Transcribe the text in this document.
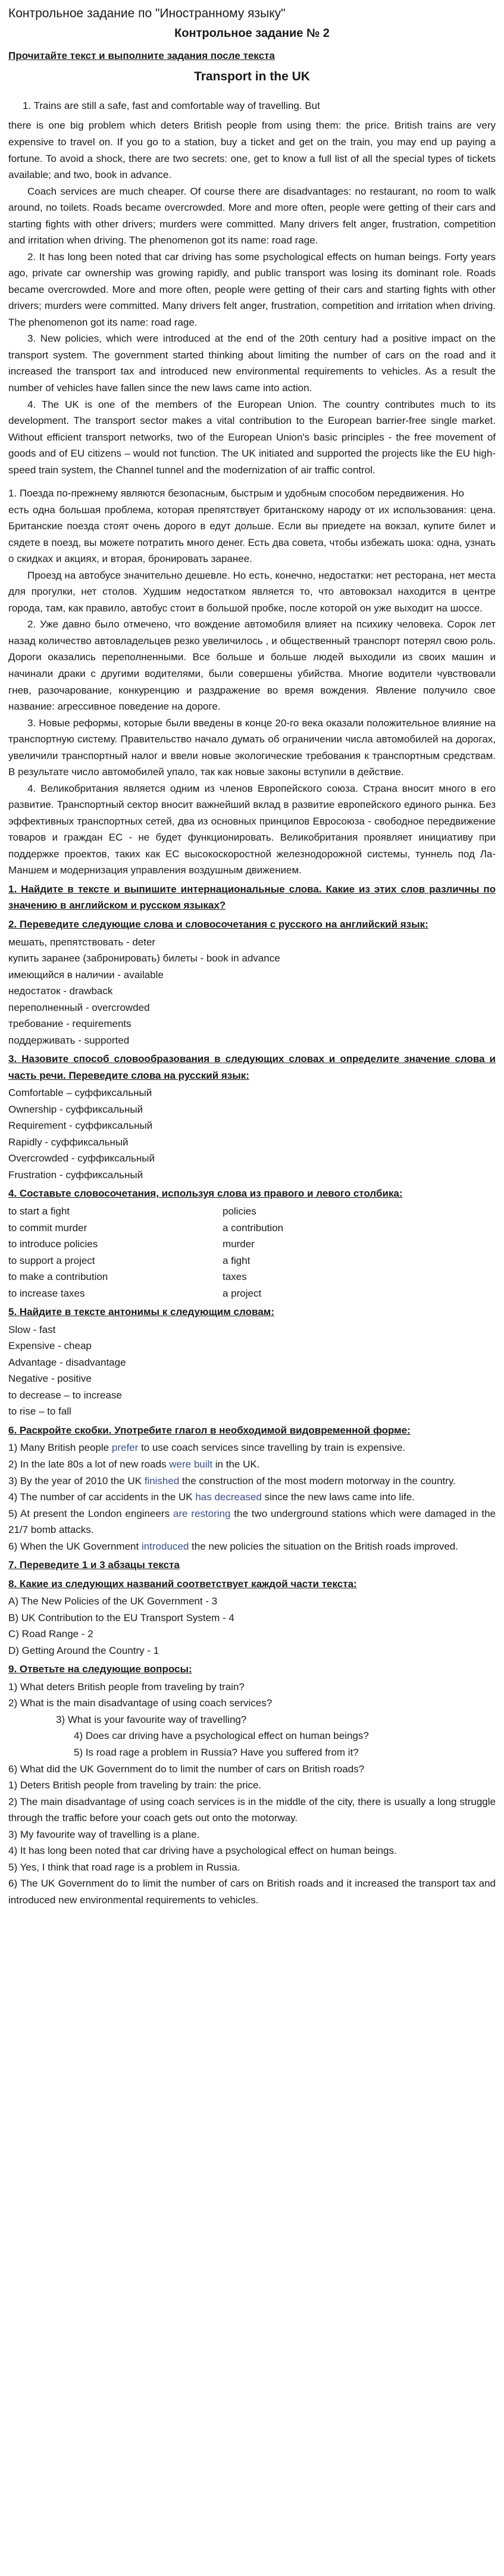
Контрольное задание по "Иностранному языку"

Контрольное задание № 2

Прочитайте текст и выполните задания после текста

Transport in the UK

1. Trains are still a safe, fast and comfortable way of travelling. But

there is one big problem which deters British people from using them: the price. British trains are very expensive to travel on. If you go to a station, buy a ticket and get on the train, you may end up paying a fortune. To avoid a shock, there are two secrets: one, get to know a full list of all the special types of tickets available; and two, book in advance.

Coach services are much cheaper. Of course there are disadvantages: no restaurant, no room to walk around, no toilets. Roads became overcrowded. More and more often, people were getting of their cars and starting fights with other drivers; murders were committed. Many drivers felt anger, frustration, competition and irritation when driving. The phenomenon got its name: road rage.

2. It has long been noted that car driving has some psychological effects on human beings. Forty years ago, private car ownership was growing rapidly, and public transport was losing its dominant role. Roads became overcrowded. More and more often, people were getting of their cars and starting fights with other drivers; murders were committed. Many drivers felt anger, frustration, competition and irritation when driving. The phenomenon got its name: road rage.

3. New policies, which were introduced at the end of the 20th century had a positive impact on the transport system. The government started thinking about limiting the number of cars on the road and it increased the transport tax and introduced new environmental requirements to vehicles. As a result the number of vehicles have fallen since the new laws came into action.

4. The UK is one of the members of the European Union. The country contributes much to its development. The transport sector makes a vital contribution to the European barrier-free single market. Without efficient transport networks, two of the European Union's basic principles - the free movement of goods and of EU citizens – would not function. The UK initiated and supported the projects like the EU high-speed train system, the Channel tunnel and the modernization of air traffic control.

1. Поезда по-прежнему являются безопасным, быстрым и удобным способом передвижения. Но

есть одна большая проблема, которая препятствует британскому народу от их использования: цена. Британские поезда стоят очень дорого в едут дольше. Если вы приедете на вокзал, купите билет и сядете в поезд, вы можете потратить много денег. Есть два совета, чтобы избежать шока: одна, узнать о скидках и акциях, и вторая, бронировать заранее.

Проезд на автобусе значительно дешевле. Но есть, конечно, недостатки: нет ресторана, нет места для прогулки, нет столов. Худшим недостатком является то, что автовокзал находится в центре города, там, как правило, автобус стоит в большой пробке, после которой он уже выходит на шоссе.

2. Уже давно было отмечено, что вождение автомобиля влияет на психику человека. Сорок лет назад количество автовладельцев резко увеличилось , и общественный транспорт потерял свою роль. Дороги оказались переполненными. Все больше и больше людей выходили из своих машин и начинали драки с другими водителями, были совершены убийства. Многие водители чувствовали гнев, разочарование, конкуренцию и раздражение во время вождения. Явление получило свое название: агрессивное поведение на дороге.

3. Новые реформы, которые были введены в конце 20-го века оказали положительное влияние на транспортную систему. Правительство начало думать об ограничении числа автомобилей на дорогах, увеличили транспортный налог и ввели новые экологические требования к транспортным средствам. В результате число автомобилей упало, так как новые законы вступили в действие.

4. Великобритания является одним из членов Европейского союза. Страна вносит много в его развитие. Транспортный сектор вносит важнейший вклад в развитие европейского единого рынка. Без эффективных транспортных сетей, два из основных принципов Евросоюза - свободное передвижение товаров и граждан ЕС - не будет функционировать. Великобритания проявляет инициативу при поддержке проектов, таких как ЕС высокоскоростной железнодорожной системы, туннель под Ла-Маншем и модернизация управления воздушным движением.

1. Найдите в тексте и выпишите интернациональные слова. Какие из этих слов различны по значению в английском и русском языках?

2. Переведите следующие слова и словосочетания с русского на английский язык:

мешать, препятствовать - deter

купить заранее (забронировать) билеты - book in advance

имеющийся в наличии - available

недостаток - drawback

переполненный - overcrowded

требование - requirements

поддерживать - supported

3. Назовите способ словообразования в следующих словах и определите значение слова и часть речи. Переведите слова на русский язык:

Comfortable – суффиксальный

Ownership - суффиксальный

Requirement - суффиксальный

Rapidly - суффиксальный

Overcrowded - суффиксальный

Frustration - суффиксальный

4. Составьте словосочетания, используя слова из правого и левого столбика:

to start a fight	policies
to commit murder	a contribution
to introduce policies	murder
to support a project	a fight
to make a contribution	taxes
to increase taxes	a project

5. Найдите в тексте антонимы к следующим словам:

Slow - fast

Expensive - cheap

Advantage - disadvantage

Negative - positive

to decrease – to increase

to rise – to fall

6. Раскройте скобки. Употребите глагол в необходимой видовременной форме:

1) Many British people prefer to use coach services since travelling by train is expensive.

2) In the late 80s a lot of new roads were built in the UK.

3) By the year of 2010 the UK finished the construction of the most modern motorway in the country.

4) The number of car accidents in the UK has decreased since the new laws came into life.

5) At present the London engineers are restoring the two underground stations which were damaged in the 21/7 bomb attacks.

6) When the UK Government introduced the new policies the situation on the British roads improved.

7. Переведите 1 и 3 абзацы текста

8. Какие из следующих названий соответствует каждой части текста:

A) The New Policies of the UK Government - 3

B) UK Contribution to the EU Transport System - 4

C) Road Range - 2

D) Getting Around the Country - 1

9. Ответьте на следующие вопросы:

1) What deters British people from traveling by train?

2) What is the main disadvantage of using coach services?

3) What is your favourite way of travelling?

4) Does car driving have a psychological effect on human beings?

5) Is road rage a problem in Russia? Have you suffered from it?

6) What did the UK Government do to limit the number of cars on British roads?

1) Deters British people from traveling by train: the price.

2) The main disadvantage of using coach services is in the middle of the city, there is usually a long struggle through the traffic before your coach gets out onto the motorway.

3) My favourite way of travelling is a plane.

4) It has long been noted that car driving have a psychological effect on human beings.

5) Yes, I think that road rage is a problem in Russia.

6) The UK Government do to limit the number of cars on British roads and it increased the transport tax and introduced new environmental requirements to vehicles.
